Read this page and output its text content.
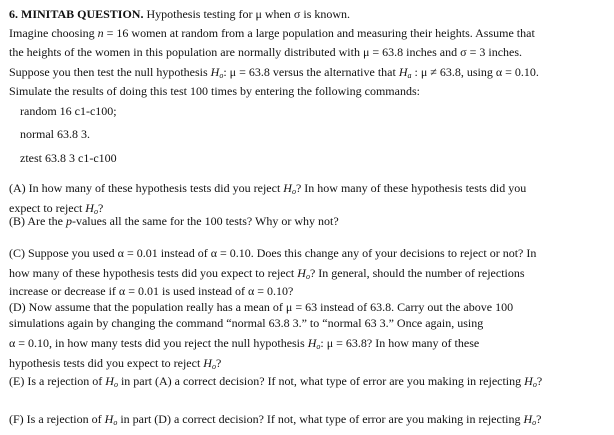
6. MINITAB QUESTION. Hypothesis testing for μ when σ is known.
Imagine choosing n = 16 women at random from a large population and measuring their heights. Assume that
the heights of the women in this population are normally distributed with μ = 63.8 inches and σ = 3 inches.
Suppose you then test the null hypothesis $H_o$: μ = 63.8 versus the alternative that $H_a$ : μ ≠ 63.8, using α = 0.10.
Simulate the results of doing this test 100 times by entering the following commands:
random 16 c1-c100;
normal 63.8 3.
ztest 63.8 3 c1-c100
(A) In how many of these hypothesis tests did you reject $H_o$? In how many of these hypothesis tests did you
expect to reject $H_o$?
(B) Are the p-values all the same for the 100 tests? Why or why not?
(C) Suppose you used α = 0.01 instead of α = 0.10. Does this change any of your decisions to reject or not? In
how many of these hypothesis tests did you expect to reject $H_o$? In general, should the number of rejections
increase or decrease if α = 0.01 is used instead of α = 0.10?
(D) Now assume that the population really has a mean of μ = 63 instead of 63.8. Carry out the above 100
simulations again by changing the command “normal 63.8 3.” to “normal 63 3.” Once again, using
α = 0.10, in how many tests did you reject the null hypothesis $H_o$: μ = 63.8? In how many of these
hypothesis tests did you expect to reject $H_o$?
(E) Is a rejection of $H_o$ in part (A) a correct decision? If not, what type of error are you making in rejecting $H_o$?
(F) Is a rejection of $H_o$ in part (D) a correct decision? If not, what type of error are you making in rejecting $H_o$?
